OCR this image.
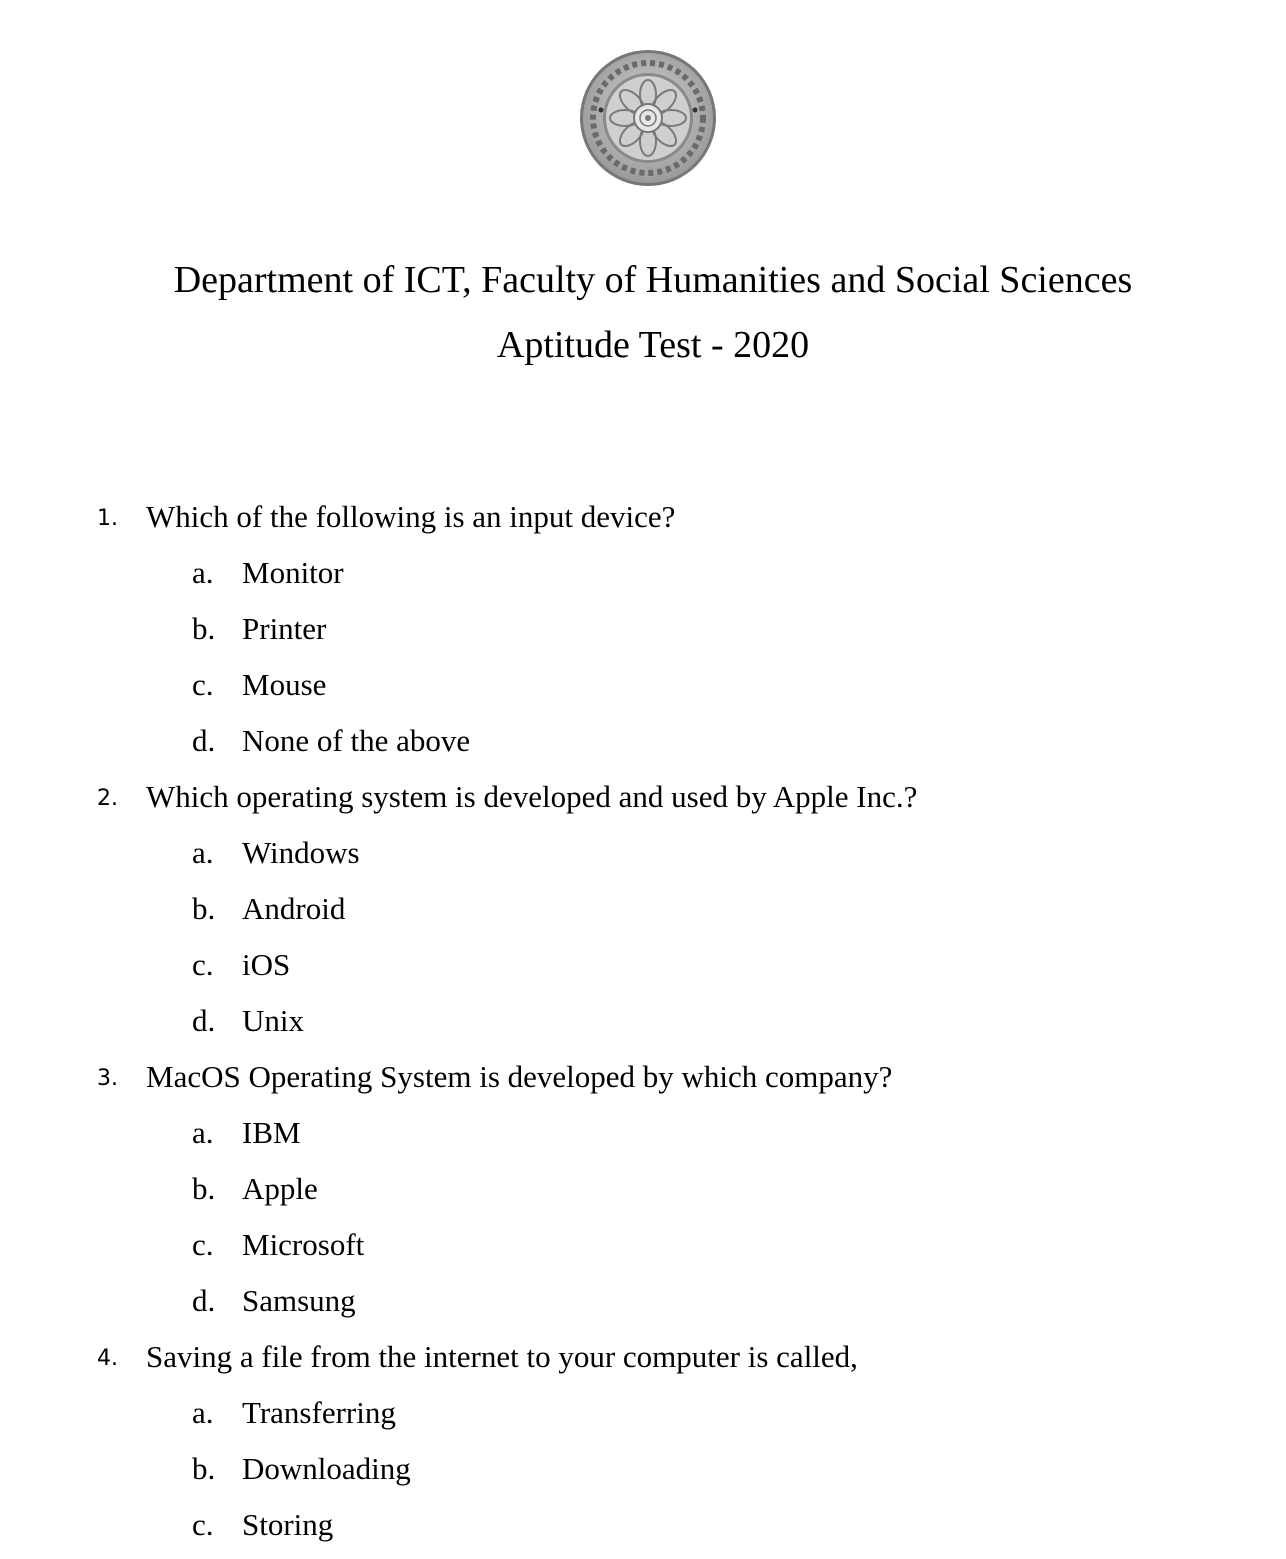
Department of ICT, Faculty of Humanities and Social Sciences
Aptitude Test - 2020
1. Which of the following is an input device?
a. Monitor
b. Printer
c. Mouse
d. None of the above
2. Which operating system is developed and used by Apple Inc.?
a. Windows
b. Android
c. iOS
d. Unix
3. MacOS Operating System is developed by which company?
a. IBM
b. Apple
c. Microsoft
d. Samsung
4. Saving a file from the internet to your computer is called,
a. Transferring
b. Downloading
c. Storing
